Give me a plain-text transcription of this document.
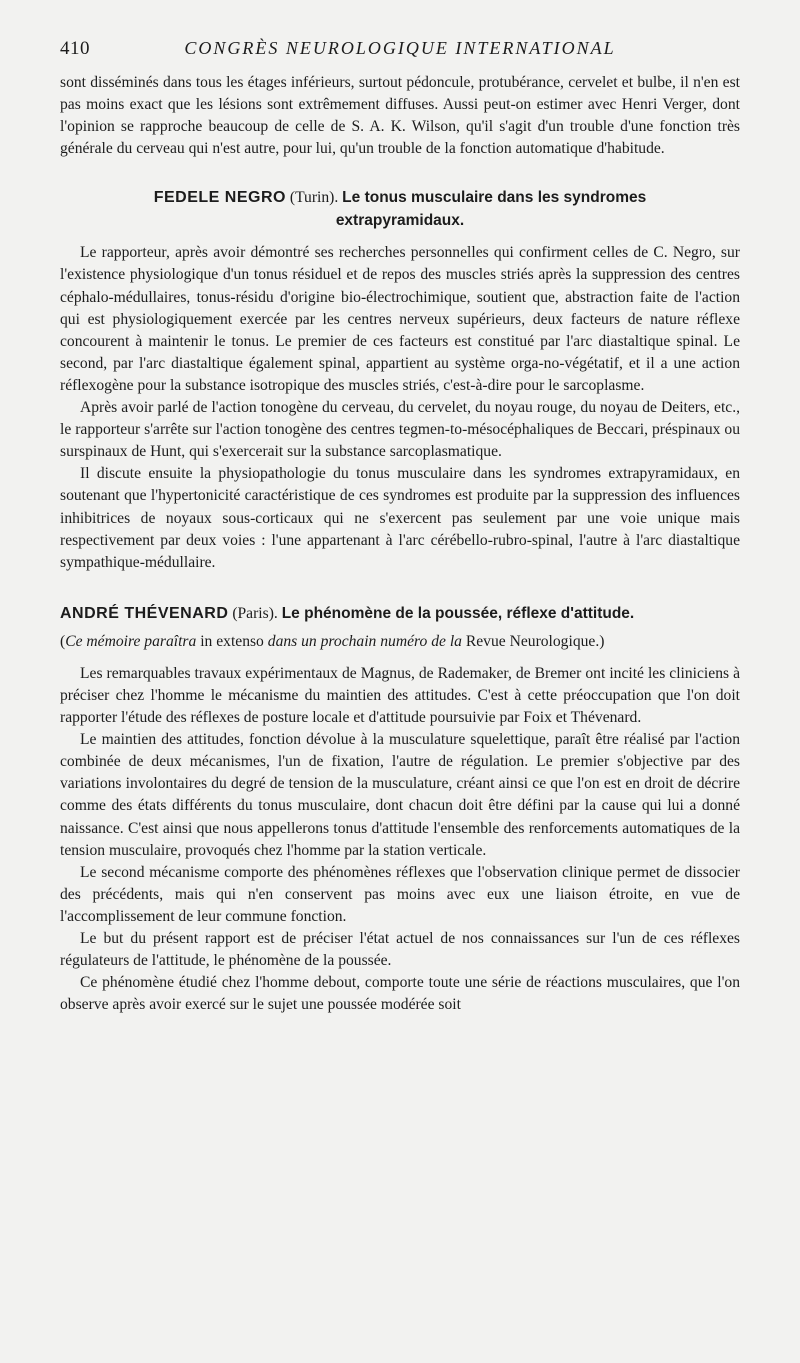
410	CONGRÈS NEUROLOGIQUE INTERNATIONAL

sont disséminés dans tous les étages inférieurs, surtout pédoncule, protubérance, cervelet et bulbe, il n'en est pas moins exact que les lésions sont extrêmement diffuses. Aussi peut-on estimer avec Henri Verger, dont l'opinion se rapproche beaucoup de celle de S. A. K. Wilson, qu'il s'agit d'un trouble d'une fonction très générale du cerveau qui n'est autre, pour lui, qu'un trouble de la fonction automatique d'habitude.

FEDELE NEGRO (Turin). Le tonus musculaire dans les syndromes
extrapyramidaux.

Le rapporteur, après avoir démontré ses recherches personnelles qui confirment celles de C. Negro, sur l'existence physiologique d'un tonus résiduel et de repos des muscles striés après la suppression des centres céphalo-médullaires, tonus-résidu d'origine bio-électrochimique, soutient que, abstraction faite de l'action qui est physiologiquement exercée par les centres nerveux supérieurs, deux facteurs de nature réflexe concourent à maintenir le tonus. Le premier de ces facteurs est constitué par l'arc diastaltique spinal. Le second, par l'arc diastaltique également spinal, appartient au système orga-no-végétatif, et il a une action réflexogène pour la substance isotropique des muscles striés, c'est-à-dire pour le sarcoplasme.

Après avoir parlé de l'action tonogène du cerveau, du cervelet, du noyau rouge, du noyau de Deiters, etc., le rapporteur s'arrête sur l'action tonogène des centres tegmen-to-mésocéphaliques de Beccari, préspinaux ou surspinaux de Hunt, qui s'exercerait sur la substance sarcoplasmatique.

Il discute ensuite la physiopathologie du tonus musculaire dans les syndromes extrapyramidaux, en soutenant que l'hypertonicité caractéristique de ces syndromes est produite par la suppression des influences inhibitrices de noyaux sous-corticaux qui ne s'exercent pas seulement par une voie unique mais respectivement par deux voies : l'une appartenant à l'arc cérébello-rubro-spinal, l'autre à l'arc diastaltique sympathique-médullaire.

ANDRÉ THÉVENARD (Paris). Le phénomène de la poussée, réflexe d'attitude.

(Ce mémoire paraîtra in extenso dans un prochain numéro de la Revue Neurologique.)

Les remarquables travaux expérimentaux de Magnus, de Rademaker, de Bremer ont incité les cliniciens à préciser chez l'homme le mécanisme du maintien des attitudes. C'est à cette préoccupation que l'on doit rapporter l'étude des réflexes de posture locale et d'attitude poursuivie par Foix et Thévenard.

Le maintien des attitudes, fonction dévolue à la musculature squelettique, paraît être réalisé par l'action combinée de deux mécanismes, l'un de fixation, l'autre de régulation. Le premier s'objective par des variations involontaires du degré de tension de la musculature, créant ainsi ce que l'on est en droit de décrire comme des états différents du tonus musculaire, dont chacun doit être défini par la cause qui lui a donné naissance. C'est ainsi que nous appellerons tonus d'attitude l'ensemble des renforcements automatiques de la tension musculaire, provoqués chez l'homme par la station verticale.

Le second mécanisme comporte des phénomènes réflexes que l'observation clinique permet de dissocier des précédents, mais qui n'en conservent pas moins avec eux une liaison étroite, en vue de l'accomplissement de leur commune fonction.

Le but du présent rapport est de préciser l'état actuel de nos connaissances sur l'un de ces réflexes régulateurs de l'attitude, le phénomène de la poussée.

Ce phénomène étudié chez l'homme debout, comporte toute une série de réactions musculaires, que l'on observe après avoir exercé sur le sujet une poussée modérée soit
